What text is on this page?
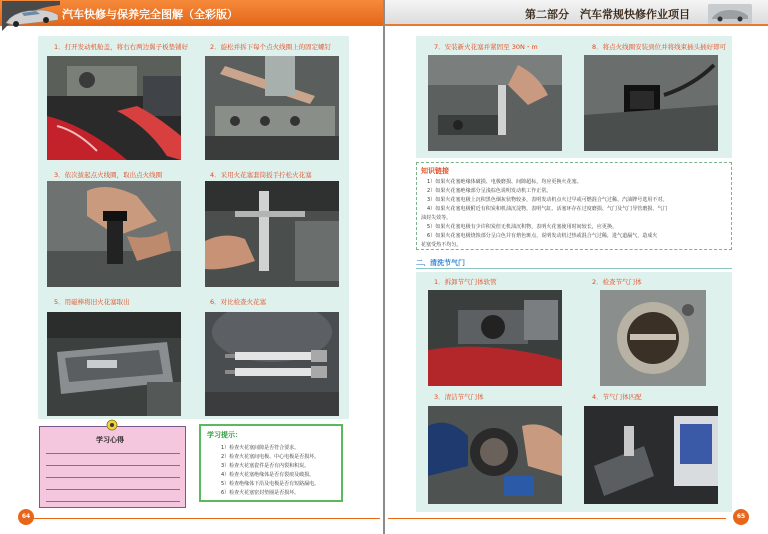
汽车快修与保养完全图解（全彩版）
1．打开发动机舱盖，将右右两边翼子板垫铺好	2．旋松并拆下每个点火线圈上的固定螺钉
3．依次拔起点火线圈，取出点火线圈	4．采用火花塞套筒扳手拧松火花塞
5．用磁棒将旧火花塞取出	6．对比检查火花塞
学习心得
学习提示：
1）检查火花塞间隙是否符合要求。
2）检查火花塞间电极、中心电极是否损坏。
3）检查火花塞瓷件是否有内裂和积炭。
4）检查火花塞绝缘体是否有裂痕及破损。
5）检查绝缘体下沿及电极是否有短路漏电。
6）检查火花塞密封垫圈是否损坏。
64
第二部分　汽车常规快修作业项目
7．安装新火花塞并紧固至 30N・m	8．将点火线圈安装到位并将线束插头插好即可
知识链接
1）如果火花塞绝缘体破损、电极磨损、间隙超标，均应更换火花塞。
2）如果火花塞绝缘部分呈浅棕色说明发动机工作正常。
3）如果火花塞电极上沉积黑色烟灰状物较多，表明发动机点火过早或可燃混合气过稀、汽油牌号选用不对。
4）如果火花塞电极附近有积炭和机油沉淀物，表明气缸、活塞环存在过度磨损、气门及气门导管磨损、气门
油封失效等。
5）如果火花塞电极有少许积炭但无机油沉积物，表明火花塞使用时间较长，应更换。
6）如果火花塞电极烧蚀部分呈白色并有熔色斑点，说明发动机过热或混合气过稀，进气道漏气，造成火
花塞受热不均匀。
二、清洗节气门
1．拆卸节气门体软管	2．检查节气门体
3．清洁节气门体	4．节气门体匹配
65
